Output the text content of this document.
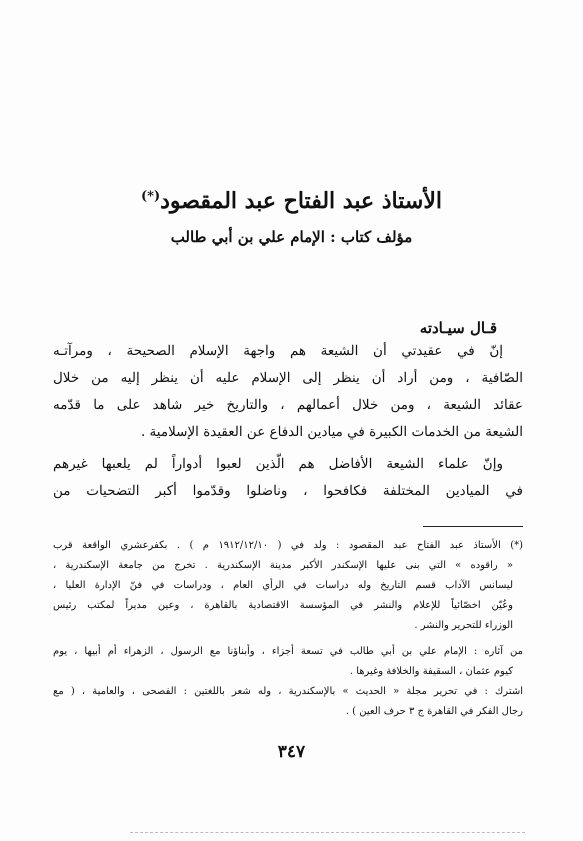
الأستاذ عبد الفتاح عبد المقصود(*)
مؤلف كتاب : الإمام علي بن أبي طالب
قـال سيـادته
إنّ في عقيدتي أن الشيعة هم واجهة الإسلام الصحيحة ، ومرآتـه
الصّافية ، ومن أراد أن ينظر إلى الإسلام عليه أن ينظر إليه من خلال
عقائد الشيعة ، ومن خلال أعمالهم ، والتاريخ خير شاهد على ما قدّمه
الشيعة من الخدمات الكبيرة في ميادين الدفاع عن العقيدة الإسلامية .
وإنّ علماء الشيعة الأفاضل هم الّذين لعبوا أدواراً لم يلعبها غيرهم
في الميادين المختلفة فكافحوا ، وناضلوا وقدّموا أكبر التضحيات من
(*) الأستاذ عبد الفتاح عبد المقصود : ولد في ( ١٩١٢/١٢/١٠ م ) . بكفرعشري الواقعة قرب
« راقوده » التي بنى عليها الإسكندر الأكبر مدينة الإسكندرية . تخرج من جامعة الإسكندرية ،
ليسانس الآداب قسم التاريخ وله دراسات في الرأي العام ، ودراسات في فنّ الإدارة العليا ،
وعُيّن اخصّائياً للإعلام والنشر في المؤسسة الاقتصادية بالقاهرة ، وعين مديراً لمكتب رئيس
الوزراء للتحرير والنشر .
من آثاره : الإمام علي بن أبي طالب في تسعة أجزاء ، وأبناؤنا مع الرسول ، الزهراء أم أبيها ، يوم
كيوم عثمان ، السقيفة والخلافة وغيرها .
اشترك : في تحرير مجلة « الحديث » بالإسكندرية ، وله شعر باللغتين : الفصحى ، والعامية ، ( مع
رجال الفكر في القاهرة ج ٣ حرف العين ) .
٣٤٧
